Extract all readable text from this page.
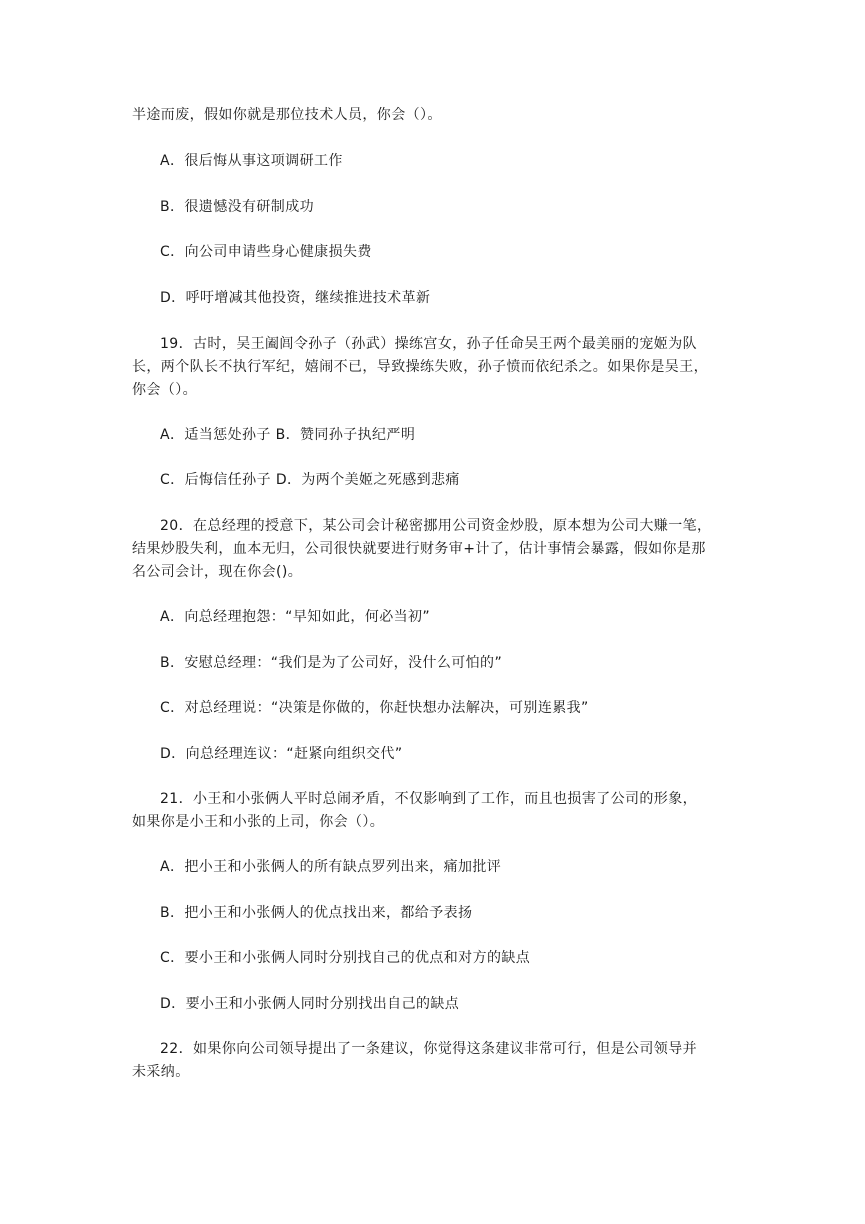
半途而废，假如你就是那位技术人员，你会（）。
A．很后悔从事这项调研工作
B．很遗憾没有研制成功
C．向公司申请些身心健康损失费
D．呼吁增减其他投资，继续推进技术革新
19．古时，吴王阖闾令孙子（孙武）操练宫女，孙子任命吴王两个最美丽的宠姬为队
长，两个队长不执行军纪，嬉闹不已，导致操练失败，孙子愤而依纪杀之。如果你是吴王，
你会（）。
A．适当惩处孙子 B．赞同孙子执纪严明
C．后悔信任孙子 D．为两个美姬之死感到悲痛
20．在总经理的授意下，某公司会计秘密挪用公司资金炒股，原本想为公司大赚一笔，
结果炒股失利，血本无归，公司很快就要进行财务审+计了，估计事情会暴露，假如你是那
名公司会计，现在你会()。
A．向总经理抱怨：“早知如此，何必当初”
B．安慰总经理：“我们是为了公司好，没什么可怕的”
C．对总经理说：“决策是你做的，你赶快想办法解决，可别连累我”
D．向总经理连议：“赶紧向组织交代”
21．小王和小张俩人平时总闹矛盾，不仅影响到了工作，而且也损害了公司的形象，
如果你是小王和小张的上司，你会（）。
A．把小王和小张俩人的所有缺点罗列出来，痛加批评
B．把小王和小张俩人的优点找出来，都给予表扬
C．要小王和小张俩人同时分别找自己的优点和对方的缺点
D．要小王和小张俩人同时分别找出自己的缺点
22．如果你向公司领导提出了一条建议，你觉得这条建议非常可行，但是公司领导并
未采纳。
